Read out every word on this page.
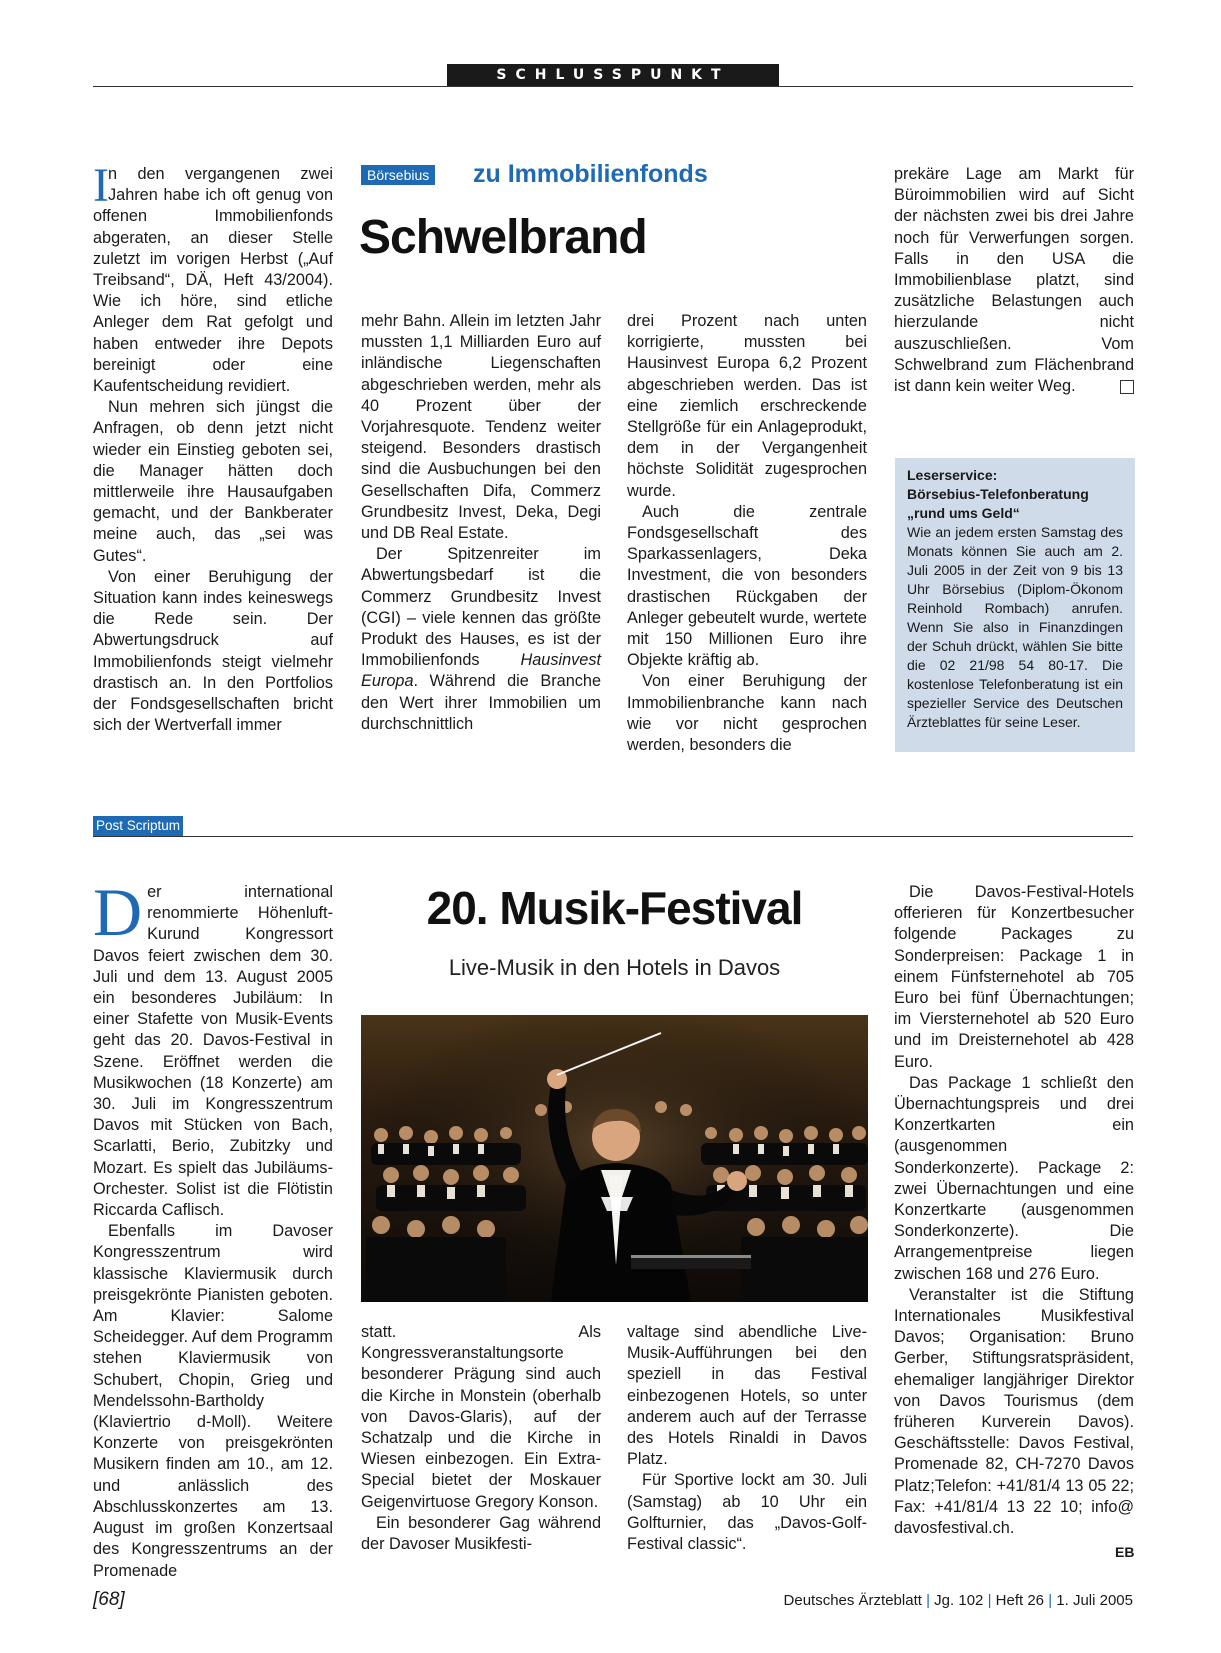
SCHLUSSPUNKT

In den vergangenen zwei Jahren habe ich oft genug von offenen Immobilienfonds abgeraten, an dieser Stelle zuletzt im vorigen Herbst („Auf Treibsand“, DÄ, Heft 43/2004). Wie ich höre, sind etliche Anleger dem Rat gefolgt und haben entweder ihre Depots bereinigt oder eine Kaufentscheidung revidiert.

Nun mehren sich jüngst die Anfragen, ob denn jetzt nicht wieder ein Einstieg geboten sei, die Manager hätten doch mittlerweile ihre Hausaufgaben gemacht, und der Bankberater meine auch, das „sei was Gutes“.

Von einer Beruhigung der Situation kann indes keineswegs die Rede sein. Der Abwertungsdruck auf Immobilienfonds steigt vielmehr drastisch an. In den Portfolios der Fondsgesellschaften bricht sich der Wertverfall immer

Börsebius zu Immobilienfonds
Schwelbrand

mehr Bahn. Allein im letzten Jahr mussten 1,1 Milliarden Euro auf inländische Liegenschaften abgeschrieben werden, mehr als 40 Prozent über der Vorjahresquote. Tendenz weiter steigend. Besonders drastisch sind die Ausbuchungen bei den Gesellschaften Difa, Commerz Grundbesitz Invest, Deka, Degi und DB Real Estate.

Der Spitzenreiter im Abwertungsbedarf ist die Commerz Grundbesitz Invest (CGI) – viele kennen das größte Produkt des Hauses, es ist der Immobilienfonds Hausinvest Europa. Während die Branche den Wert ihrer Immobilien um durchschnittlich

drei Prozent nach unten korrigierte, mussten bei Hausinvest Europa 6,2 Prozent abgeschrieben werden. Das ist eine ziemlich erschreckende Stellgröße für ein Anlageprodukt, dem in der Vergangenheit höchste Solidität zugesprochen wurde.

Auch die zentrale Fondsgesellschaft des Sparkassenlagers, Deka Investment, die von besonders drastischen Rückgaben der Anleger gebeutelt wurde, wertete mit 150 Millionen Euro ihre Objekte kräftig ab.

Von einer Beruhigung der Immobilienbranche kann nach wie vor nicht gesprochen werden, besonders die

prekäre Lage am Markt für Büroimmobilien wird auf Sicht der nächsten zwei bis drei Jahre noch für Verwerfungen sorgen. Falls in den USA die Immobilienblase platzt, sind zusätzliche Belastungen auch hierzulande nicht auszuschließen. Vom Schwelbrand zum Flächenbrand ist dann kein weiter Weg.

Leserservice:
Börsebius-Telefonberatung
„rund ums Geld“
Wie an jedem ersten Samstag des Monats können Sie auch am 2. Juli 2005 in der Zeit von 9 bis 13 Uhr Börsebius (Diplom-Ökonom Reinhold Rombach) anrufen. Wenn Sie also in Finanzdingen der Schuh drückt, wählen Sie bitte die 02 21/98 54 80-17. Die kostenlose Telefonberatung ist ein spezieller Service des Deutschen Ärzteblattes für seine Leser.
Post Scriptum

Der international renommierte Höhenluft-Kurund Kongressort Davos feiert zwischen dem 30. Juli und dem 13. August 2005 ein besonderes Jubiläum: In einer Stafette von Musik-Events geht das 20. Davos-Festival in Szene. Eröffnet werden die Musikwochen (18 Konzerte) am 30. Juli im Kongresszentrum Davos mit Stücken von Bach, Scarlatti, Berio, Zubitzky und Mozart. Es spielt das Jubiläums-Orchester. Solist ist die Flötistin Riccarda Caflisch.

Ebenfalls im Davoser Kongresszentrum wird klassische Klaviermusik durch preisgekrönte Pianisten geboten. Am Klavier: Salome Scheidegger. Auf dem Programm stehen Klaviermusik von Schubert, Chopin, Grieg und Mendelssohn-Bartholdy (Klaviertrio d-Moll). Weitere Konzerte von preisgekrönten Musikern finden am 10., am 12. und anlässlich des Abschlusskonzertes am 13. August im großen Konzertsaal des Kongresszentrums an der Promenade

20. Musik-Festival
Live-Musik in den Hotels in Davos

statt. Als Kongressveranstaltungsorte besonderer Prägung sind auch die Kirche in Monstein (oberhalb von Davos-Glaris), auf der Schatzalp und die Kirche in Wiesen einbezogen. Ein Extra-Special bietet der Moskauer Geigenvirtuose Gregory Konson.

Ein besonderer Gag während der Davoser Musikfesti-

valtage sind abendliche Live-Musik-Aufführungen bei den speziell in das Festival einbezogenen Hotels, so unter anderem auch auf der Terrasse des Hotels Rinaldi in Davos Platz.

Für Sportive lockt am 30. Juli (Samstag) ab 10 Uhr ein Golfturnier, das „Davos-Golf-Festival classic“.

Die Davos-Festival-Hotels offerieren für Konzertbesucher folgende Packages zu Sonderpreisen: Package 1 in einem Fünfsternehotel ab 705 Euro bei fünf Übernachtungen; im Viersternehotel ab 520 Euro und im Dreisternehotel ab 428 Euro.

Das Package 1 schließt den Übernachtungspreis und drei Konzertkarten ein (ausgenommen Sonderkonzerte). Package 2: zwei Übernachtungen und eine Konzertkarte (ausgenommen Sonderkonzerte). Die Arrangementpreise liegen zwischen 168 und 276 Euro.

Veranstalter ist die Stiftung Internationales Musikfestival Davos; Organisation: Bruno Gerber, Stiftungsratspräsident, ehemaliger langjähriger Direktor von Davos Tourismus (dem früheren Kurverein Davos). Geschäftsstelle: Davos Festival, Promenade 82, CH-7270 Davos Platz;Telefon: +41/81/4 13 05 22; Fax: +41/81/4 13 22 10; info@ davosfestival.ch.

EB
[68]	Deutsches Ärzteblatt | Jg. 102 | Heft 26 | 1. Juli 2005
